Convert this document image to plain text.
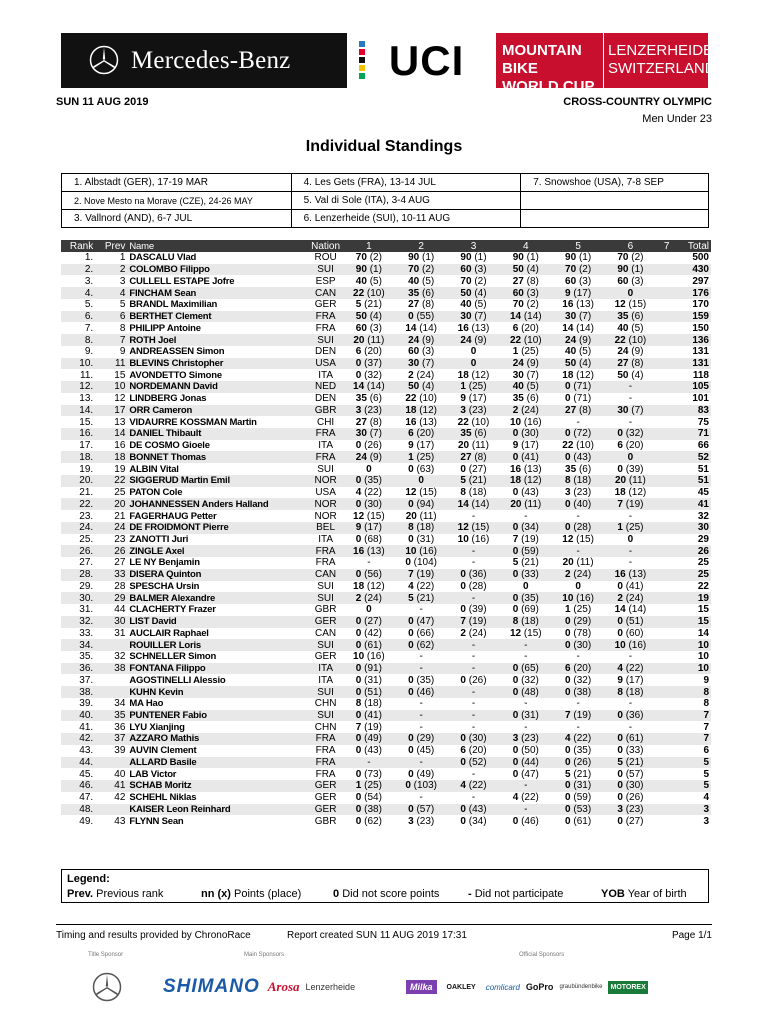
Mercedes-Benz UCI	MOUNTAIN BIKE
WORLD CUP
LENZERHEIDE
SWITZERLAND
SUN 11 AUG 2019	CROSS-COUNTRY OLYMPIC
Men Under 23
Individual Standings
1. Albstadt (GER), 17-19 MAR	4. Les Gets (FRA), 13-14 JUL	7. Snowshoe (USA), 7-8 SEP
2. Nove Mesto na Morave (CZE), 24-26 MAY	5. Val di Sole (ITA), 3-4 AUG	
3. Vallnord (AND), 6-7 JUL	6. Lenzerheide (SUI), 10-11 AUG	
Rank	Prev	Name	Nation	1	2	3	4	5	6	7	Total
1.	1	DASCALU Vlad	ROU	70 (2)	90 (1)	90 (1)	90 (1)	90 (1)	70 (2)		500
2.	2	COLOMBO Filippo	SUI	90 (1)	70 (2)	60 (3)	50 (4)	70 (2)	90 (1)		430
3.	3	CULLELL ESTAPE Jofre	ESP	40 (5)	40 (5)	70 (2)	27 (8)	60 (3)	60 (3)		297
4.	4	FINCHAM Sean	CAN	22 (10)	35 (6)	50 (4)	60 (3)	9 (17)	0		176
5.	5	BRANDL Maximilian	GER	5 (21)	27 (8)	40 (5)	70 (2)	16 (13)	12 (15)		170
6.	6	BERTHET Clement	FRA	50 (4)	0 (55)	30 (7)	14 (14)	30 (7)	35 (6)		159
7.	8	PHILIPP Antoine	FRA	60 (3)	14 (14)	16 (13)	6 (20)	14 (14)	40 (5)		150
8.	7	ROTH Joel	SUI	20 (11)	24 (9)	24 (9)	22 (10)	24 (9)	22 (10)		136
9.	9	ANDREASSEN Simon	DEN	6 (20)	60 (3)	0	1 (25)	40 (5)	24 (9)		131
10.	11	BLEVINS Christopher	USA	0 (37)	30 (7)	0	24 (9)	50 (4)	27 (8)		131
11.	15	AVONDETTO Simone	ITA	0 (32)	2 (24)	18 (12)	30 (7)	18 (12)	50 (4)		118
12.	10	NORDEMANN David	NED	14 (14)	50 (4)	1 (25)	40 (5)	0 (71)	-		105
13.	12	LINDBERG Jonas	DEN	35 (6)	22 (10)	9 (17)	35 (6)	0 (71)	-		101
14.	17	ORR Cameron	GBR	3 (23)	18 (12)	3 (23)	2 (24)	27 (8)	30 (7)		83
15.	13	VIDAURRE KOSSMAN Martin	CHI	27 (8)	16 (13)	22 (10)	10 (16)	-	-		75
16.	14	DANIEL Thibault	FRA	30 (7)	6 (20)	35 (6)	0 (30)	0 (72)	0 (32)		71
17.	16	DE COSMO Gioele	ITA	0 (26)	9 (17)	20 (11)	9 (17)	22 (10)	6 (20)		66
18.	18	BONNET Thomas	FRA	24 (9)	1 (25)	27 (8)	0 (41)	0 (43)	0		52
19.	19	ALBIN Vital	SUI	0	0 (63)	0 (27)	16 (13)	35 (6)	0 (39)		51
20.	22	SIGGERUD Martin Emil	NOR	0 (35)	0	5 (21)	18 (12)	8 (18)	20 (11)		51
21.	25	PATON Cole	USA	4 (22)	12 (15)	8 (18)	0 (43)	3 (23)	18 (12)		45
22.	20	JOHANNESSEN Anders Halland	NOR	0 (30)	0 (94)	14 (14)	20 (11)	0 (40)	7 (19)		41
23.	21	FAGERHAUG Petter	NOR	12 (15)	20 (11)	-	-	-	-		32
24.	24	DE FROIDMONT Pierre	BEL	9 (17)	8 (18)	12 (15)	0 (34)	0 (28)	1 (25)		30
25.	23	ZANOTTI Juri	ITA	0 (68)	0 (31)	10 (16)	7 (19)	12 (15)	0		29
26.	26	ZINGLE Axel	FRA	16 (13)	10 (16)	-	0 (59)	-	-		26
27.	27	LE NY Benjamin	FRA	-	0 (104)	-	5 (21)	20 (11)	-		25
28.	33	DISERA Quinton	CAN	0 (56)	7 (19)	0 (36)	0 (33)	2 (24)	16 (13)		25
29.	28	SPESCHA Ursin	SUI	18 (12)	4 (22)	0 (28)	0	0	0 (41)		22
30.	29	BALMER Alexandre	SUI	2 (24)	5 (21)	-	0 (35)	10 (16)	2 (24)		19
31.	44	CLACHERTY Frazer	GBR	0	-	0 (39)	0 (69)	1 (25)	14 (14)		15
32.	30	LIST David	GER	0 (27)	0 (47)	7 (19)	8 (18)	0 (29)	0 (51)		15
33.	31	AUCLAIR Raphael	CAN	0 (42)	0 (66)	2 (24)	12 (15)	0 (78)	0 (60)		14
34.		ROUILLER Loris	SUI	0 (61)	0 (62)	-	-	0 (30)	10 (16)		10
35.	32	SCHNELLER Simon	GER	10 (16)	-	-	-	-	-		10
36.	38	FONTANA Filippo	ITA	0 (91)	-	-	0 (65)	6 (20)	4 (22)		10
37.		AGOSTINELLI Alessio	ITA	0 (31)	0 (35)	0 (26)	0 (32)	0 (32)	9 (17)		9
38.		KUHN Kevin	SUI	0 (51)	0 (46)	-	0 (48)	0 (38)	8 (18)		8
39.	34	MA Hao	CHN	8 (18)	-	-	-	-	-		8
40.	35	PUNTENER Fabio	SUI	0 (41)	-	-	0 (31)	7 (19)	0 (36)		7
41.	36	LYU Xianjing	CHN	7 (19)	-	-	-	-	-		7
42.	37	AZZARO Mathis	FRA	0 (49)	0 (29)	0 (30)	3 (23)	4 (22)	0 (61)		7
43.	39	AUVIN Clement	FRA	0 (43)	0 (45)	6 (20)	0 (50)	0 (35)	0 (33)		6
44.		ALLARD Basile	FRA	-	-	0 (52)	0 (44)	0 (26)	5 (21)		5
45.	40	LAB Victor	FRA	0 (73)	0 (49)	-	0 (47)	5 (21)	0 (57)		5
46.	41	SCHAB Moritz	GER	1 (25)	0 (103)	4 (22)	-	0 (31)	0 (30)		5
47.	42	SCHEHL Niklas	GER	0 (54)	-	-	4 (22)	0 (59)	0 (26)		4
48.		KAISER Leon Reinhard	GER	0 (38)	0 (57)	0 (43)	-	0 (53)	3 (23)		3
49.	43	FLYNN Sean	GBR	0 (62)	3 (23)	0 (34)	0 (46)	0 (61)	0 (27)		3
Legend:
Prev. Previous rank	nn (x) Points (place)	0 Did not score points	- Did not participate	YOB Year of birth
Timing and results provided by ChronoRace	Report created SUN 11 AUG 2019 17:31	Page 1/1
Title Sponsor	Main Sponsors	Official Sponsors
SHIMANO Arosa Lenzerheide	Milka	OAKLEY comlicard GoPro graubündenbike MOTOREX
